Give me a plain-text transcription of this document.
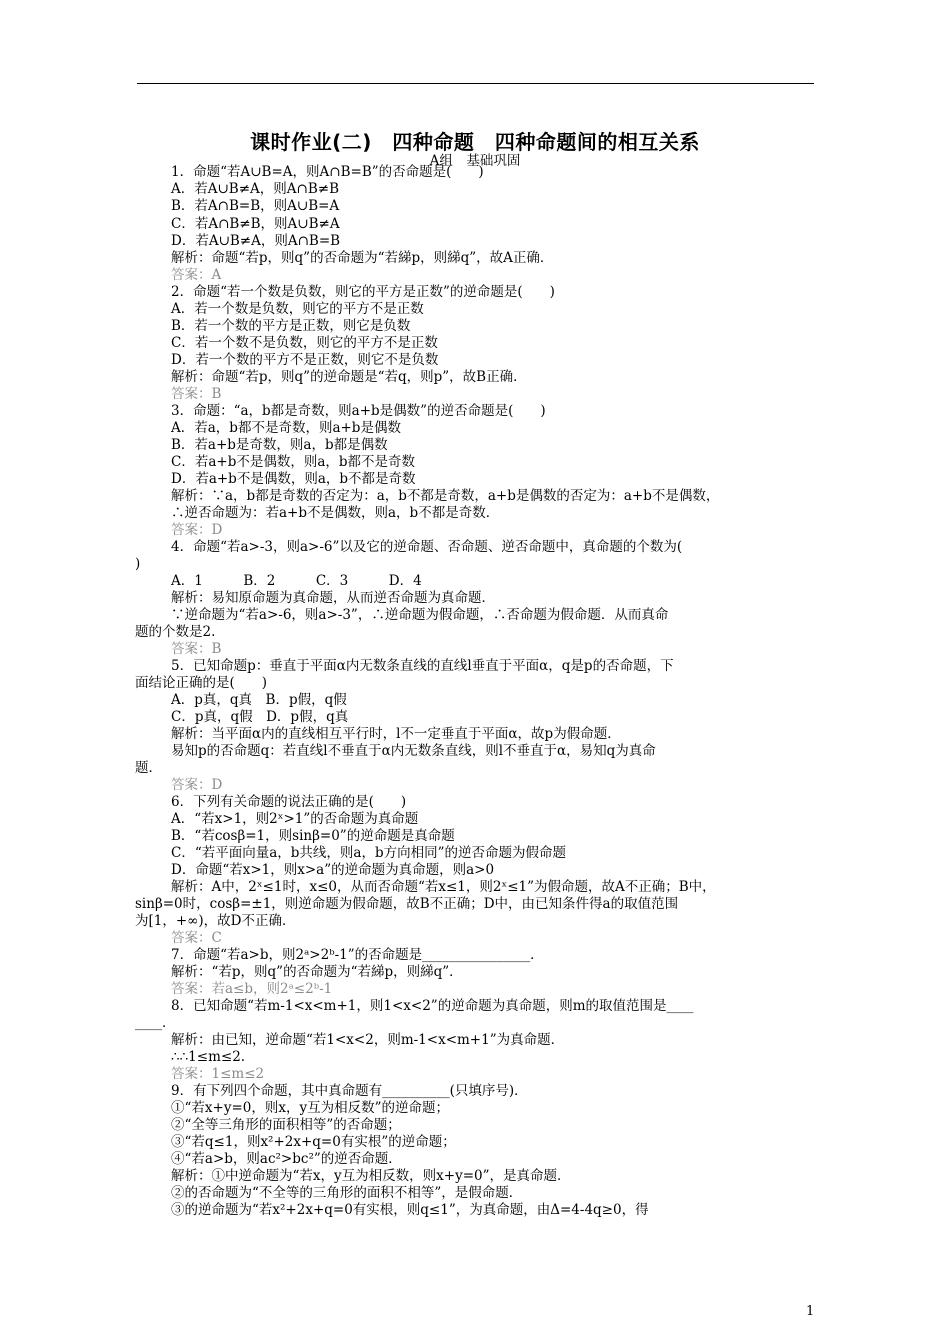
课时作业(二)　四种命题　四种命题间的相互关系
A组　基础巩固
1．命题“若A∪B=A，则A∩B=B”的否命题是(　　)
A．若A∪B≠A，则A∩B≠B
B．若A∩B=B，则A∪B=A
C．若A∩B≠B，则A∪B≠A
D．若A∪B≠A，则A∩B=B
解析：命题“若p，则q”的否命题为“若綈p，则綈q”，故A正确．
答案：A
2．命题“若一个数是负数，则它的平方是正数”的逆命题是(　　)
A．若一个数是负数，则它的平方不是正数
B．若一个数的平方是正数，则它是负数
C．若一个数不是负数，则它的平方不是正数
D．若一个数的平方不是正数，则它不是负数
解析：命题“若p，则q”的逆命题是“若q，则p”，故B正确．
答案：B
3．命题：“a，b都是奇数，则a+b是偶数”的逆否命题是(　　)
A．若a，b都不是奇数，则a+b是偶数
B．若a+b是奇数，则a，b都是偶数
C．若a+b不是偶数，则a，b都不是奇数
D．若a+b不是偶数，则a，b不都是奇数
解析：∵a，b都是奇数的否定为：a，b不都是奇数，a+b是偶数的否定为：a+b不是偶数，
∴逆否命题为：若a+b不是偶数，则a，b不都是奇数．
答案：D
4．命题“若a>-3，则a>-6”以及它的逆命题、否命题、逆否命题中，真命题的个数为(
)
A．1　　　B．2　　　C．3　　　D．4
解析：易知原命题为真命题，从而逆否命题为真命题．
∵逆命题为“若a>-6，则a>-3”，∴逆命题为假命题，∴否命题为假命题．从而真命
题的个数是2.
答案：B
5．已知命题p：垂直于平面α内无数条直线的直线l垂直于平面α，q是p的否命题，下
面结论正确的是(　　)
A．p真，q真　B．p假，q假
C．p真，q假　D．p假，q真
解析：当平面α内的直线相互平行时，l不一定垂直于平面α，故p为假命题．
易知p的否命题q：若直线l不垂直于α内无数条直线，则l不垂直于α，易知q为真命
题．
答案：D
6．下列有关命题的说法正确的是(　　)
A．“若x>1，则2ˣ>1”的否命题为真命题
B．“若cosβ=1，则sinβ=0”的逆命题是真命题
C．“若平面向量a，b共线，则a，b方向相同”的逆否命题为假命题
D．命题“若x>1，则x>a”的逆命题为真命题，则a>0
解析：A中，2ˣ≤1时，x≤0，从而否命题“若x≤1，则2ˣ≤1”为假命题，故A不正确；B中，
sinβ=0时，cosβ=±1，则逆命题为假命题，故B不正确；D中，由已知条件得a的取值范围
为[1，+∞)，故D不正确．
答案：C
7．命题“若a>b，则2ᵃ>2ᵇ-1”的否命题是________________．
解析：“若p，则q”的否命题为“若綈p，则綈q”．
答案：若a≤b，则2ᵃ≤2ᵇ-1
8．已知命题“若m-1<x<m+1，则1<x<2”的逆命题为真命题，则m的取值范围是____
____．
解析：由已知，逆命题“若1<x<2，则m-1<x<m+1”为真命题．
∴∴1≤m≤2.
答案：1≤m≤2
9．有下列四个命题，其中真命题有__________(只填序号)．
①“若x+y=0，则x，y互为相反数”的逆命题；
②“全等三角形的面积相等”的否命题；
③“若q≤1，则x²+2x+q=0有实根”的逆命题；
④“若a>b，则ac²>bc²”的逆否命题．
解析：①中逆命题为“若x，y互为相反数，则x+y=0”，是真命题．
②的否命题为“不全等的三角形的面积不相等”，是假命题．
③的逆命题为“若x²+2x+q=0有实根，则q≤1”，为真命题，由Δ=4-4q≥0，得
1
